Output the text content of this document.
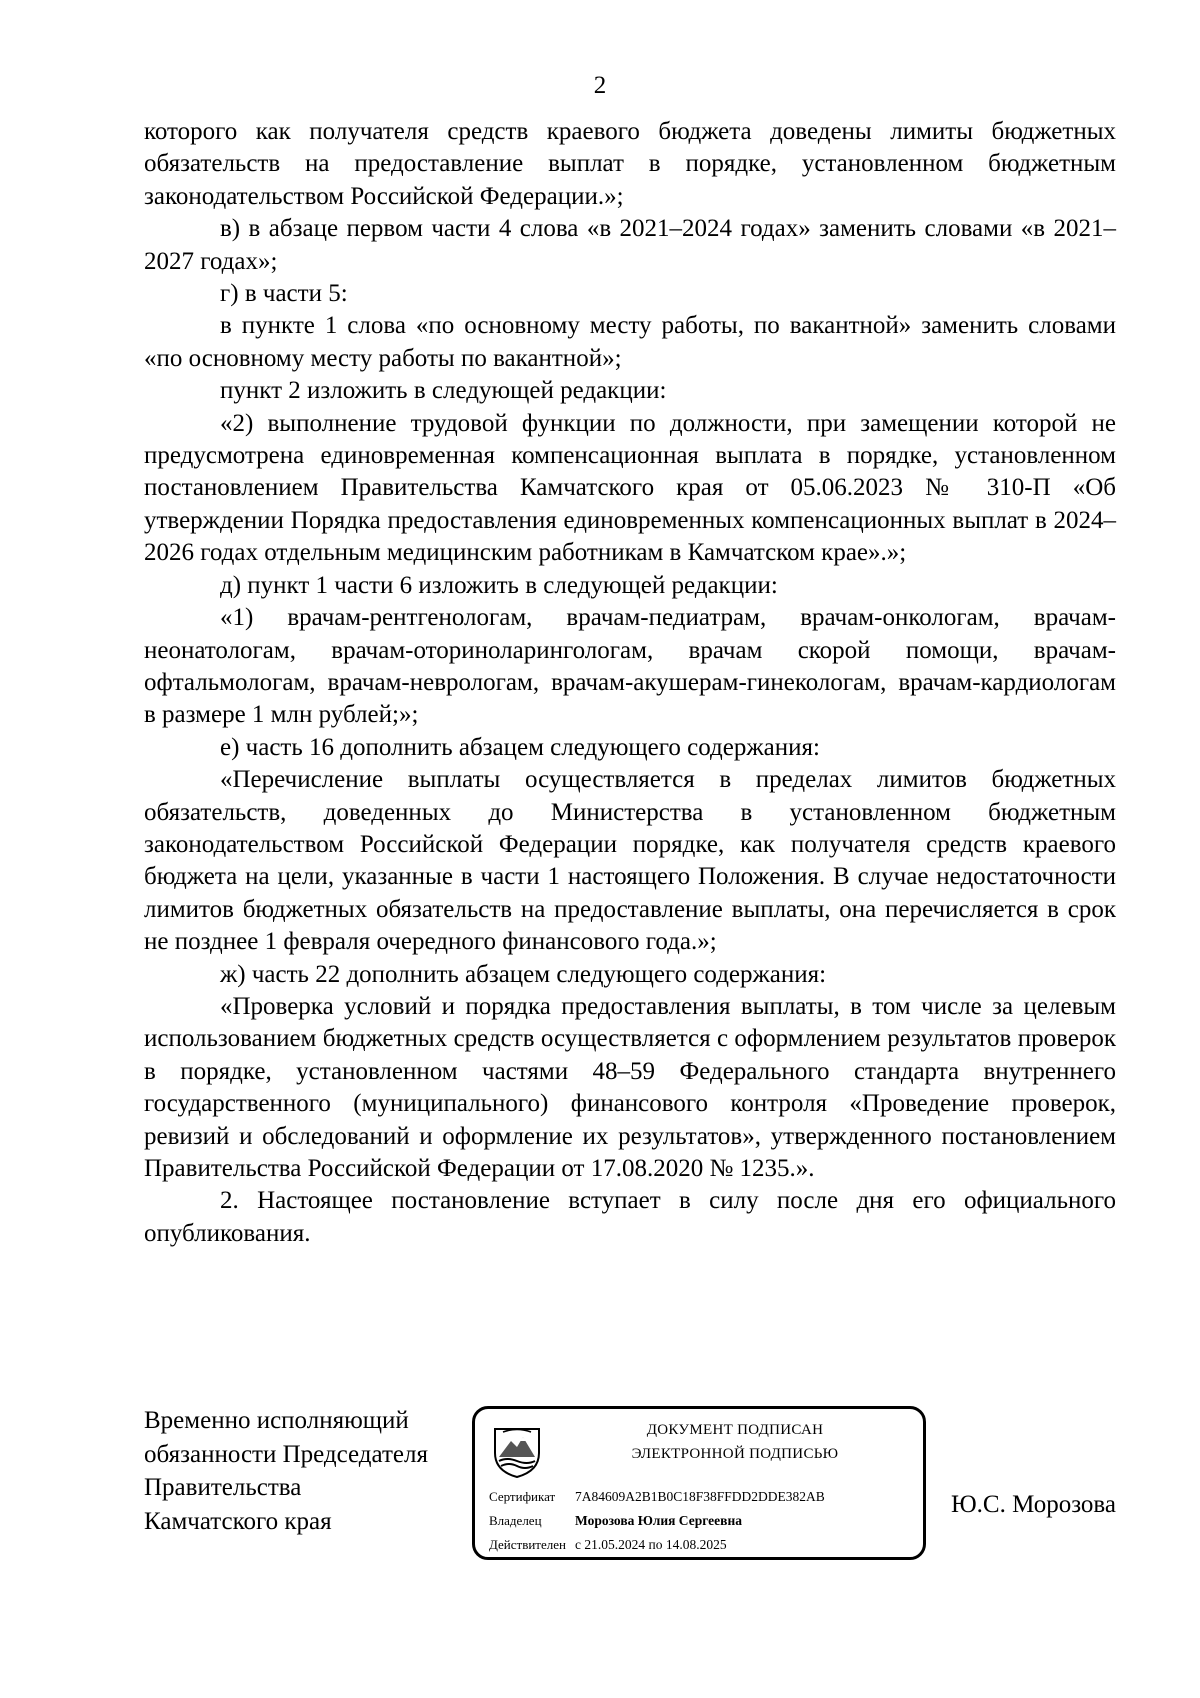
2

которого как получателя средств краевого бюджета доведены лимиты бюджетных обязательств на предоставление выплат в порядке, установленном бюджетным законодательством Российской Федерации.»;

в) в абзаце первом части 4 слова «в 2021–2024 годах» заменить словами «в 2021–2027 годах»;

г) в части 5:

в пункте 1 слова «по основному месту работы, по вакантной» заменить словами «по основному месту работы по вакантной»;

пункт 2 изложить в следующей редакции:

«2) выполнение трудовой функции по должности, при замещении которой не предусмотрена единовременная компенсационная выплата в порядке, установленном постановлением Правительства Камчатского края от 05.06.2023 № 310-П «Об утверждении Порядка предоставления единовременных компенсационных выплат в 2024–2026 годах отдельным медицинским работникам в Камчатском крае».»;

д) пункт 1 части 6 изложить в следующей редакции:

«1) врачам-рентгенологам, врачам-педиатрам, врачам-онкологам, врачам-неонатологам, врачам-оториноларингологам, врачам скорой помощи, врачам-офтальмологам, врачам-неврологам, врачам-акушерам-гинекологам, врачам-кардиологам в размере 1 млн рублей;»;

е) часть 16 дополнить абзацем следующего содержания:

«Перечисление выплаты осуществляется в пределах лимитов бюджетных обязательств, доведенных до Министерства в установленном бюджетным законодательством Российской Федерации порядке, как получателя средств краевого бюджета на цели, указанные в части 1 настоящего Положения. В случае недостаточности лимитов бюджетных обязательств на предоставление выплаты, она перечисляется в срок не позднее 1 февраля очередного финансового года.»;

ж) часть 22 дополнить абзацем следующего содержания:

«Проверка условий и порядка предоставления выплаты, в том числе за целевым использованием бюджетных средств осуществляется с оформлением результатов проверок в порядке, установленном частями 48–59 Федерального стандарта внутреннего государственного (муниципального) финансового контроля «Проведение проверок, ревизий и обследований и оформление их результатов», утвержденного постановлением Правительства Российской Федерации от 17.08.2020 № 1235.».

2. Настоящее постановление вступает в силу после дня его официального опубликования.

Временно исполняющий
обязанности Председателя
Правительства
Камчатского края
ДОКУМЕНТ ПОДПИСАН
ЭЛЕКТРОННОЙ ПОДПИСЬЮ
Сертификат 7A84609A2B1B0C18F38FFDD2DDE382AB
Владелец Морозова Юлия Сергеевна
Действителен с 21.05.2024 по 14.08.2025
Ю.С. Морозова
